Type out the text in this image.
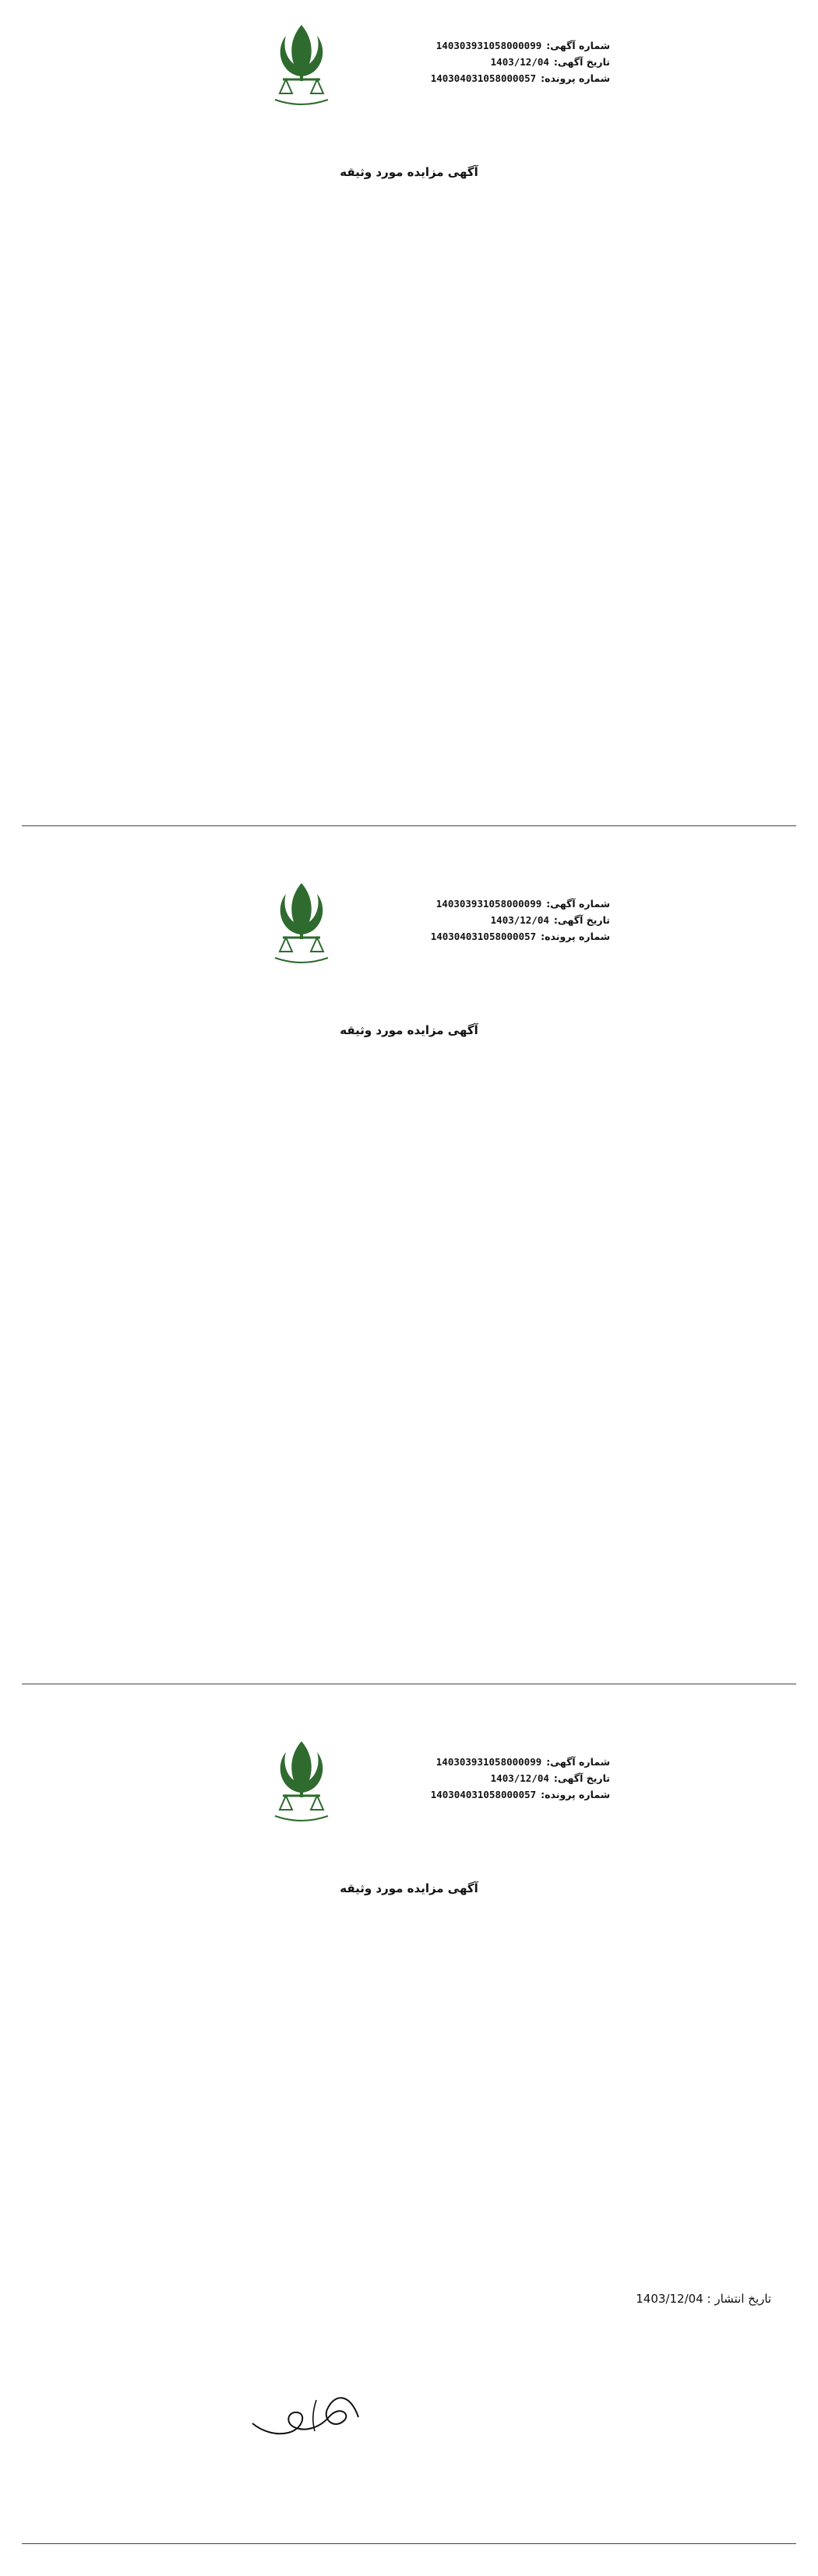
شماره آگهی:
140303931058000099
تاریخ آگهی:
1403/12/04
شماره پرونده:
140304031058000057
آگهی مزایده مورد وثیقه
شماره آگهی:
140303931058000099
تاریخ آگهی:
1403/12/04
شماره پرونده:
140304031058000057
آگهی مزایده مورد وثیقه
شماره آگهی:
140303931058000099
تاریخ آگهی:
1403/12/04
شماره پرونده:
140304031058000057
آگهی مزایده مورد وثیقه
تاریخ انتشار : 1403/12/04
